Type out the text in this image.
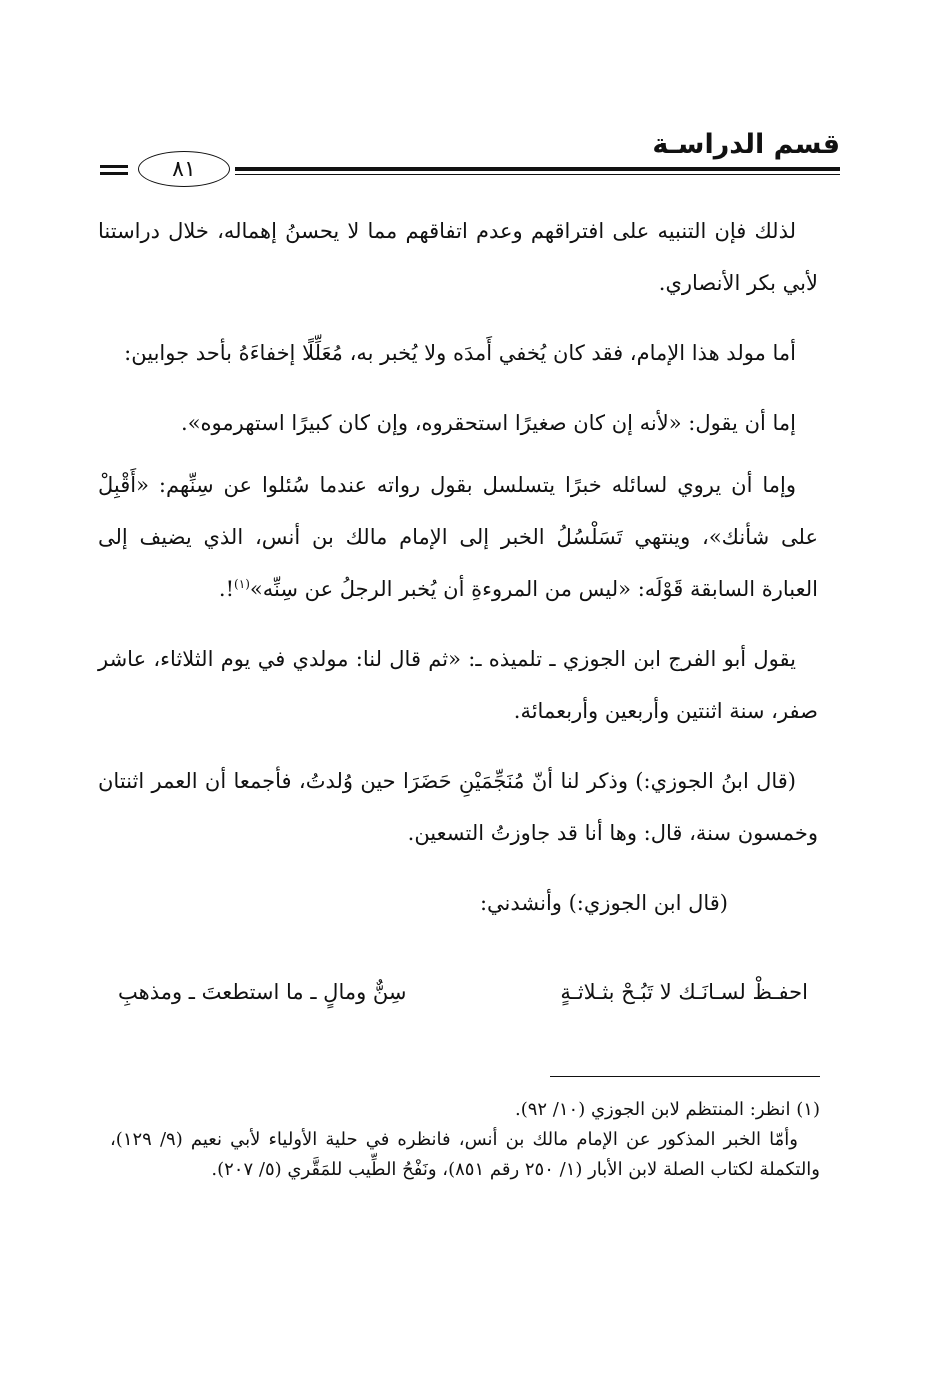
قسم الدراسـة
٨١

لذلك فإن التنبيه على افتراقهم وعدم اتفاقهم مما لا يحسنُ إهماله، خلال دراستنا لأبي بكر الأنصاري.

أما مولد هذا الإمام، فقد كان يُخفي أَمدَه ولا يُخبر به، مُعَلِّلًا إخفاءَهُ بأحد جوابين:

إما أن يقول: «لأنه إن كان صغيرًا استحقروه، وإن كان كبيرًا استهرموه».

وإما أن يروي لسائله خبرًا يتسلسل بقول رواته عندما سُئلوا عن سِنِّهم: «أَقْبِلْ على شأنك»، وينتهي تَسَلْسُلُ الخبر إلى الإمام مالك بن أنس، الذي يضيف إلى العبارة السابقة قَوْلَه: «ليس من المروءةِ أن يُخبر الرجلُ عن سِنِّه»$^{(١)}$!.

يقول أبو الفرج ابن الجوزي ـ تلميذه ـ: «ثم قال لنا: مولدي في يوم الثلاثاء، عاشر صفر، سنة اثنتين وأربعين وأربعمائة.

(قال ابنُ الجوزي:) وذكر لنا أنّ مُنَجِّمَيْنِ حَضَرَا حين وُلدتُ، فأجمعا أن العمر اثنتان وخمسون سنة، قال: وها أنا قد جاوزتُ التسعين.

(قال ابن الجوزي:) وأنشدني:

احفـظْ لسـانَـك لا تَبُـحْ بثـلاثـةٍ
سِنٌّ ومالٍ ـ ما استطعتَ ـ ومذهبِ

(١) انظر: المنتظم لابن الجوزي (١٠/ ٩٢).

وأمّا الخبر المذكور عن الإمام مالك بن أنس، فانظره في حلية الأولياء لأبي نعيم (٩/ ١٢٩)، والتكملة لكتاب الصلة لابن الأبار (١/ ٢٥٠ رقم ٨٥١)، ونَفْحُ الطِّيب للمَقَّري (٥/ ٢٠٧).
